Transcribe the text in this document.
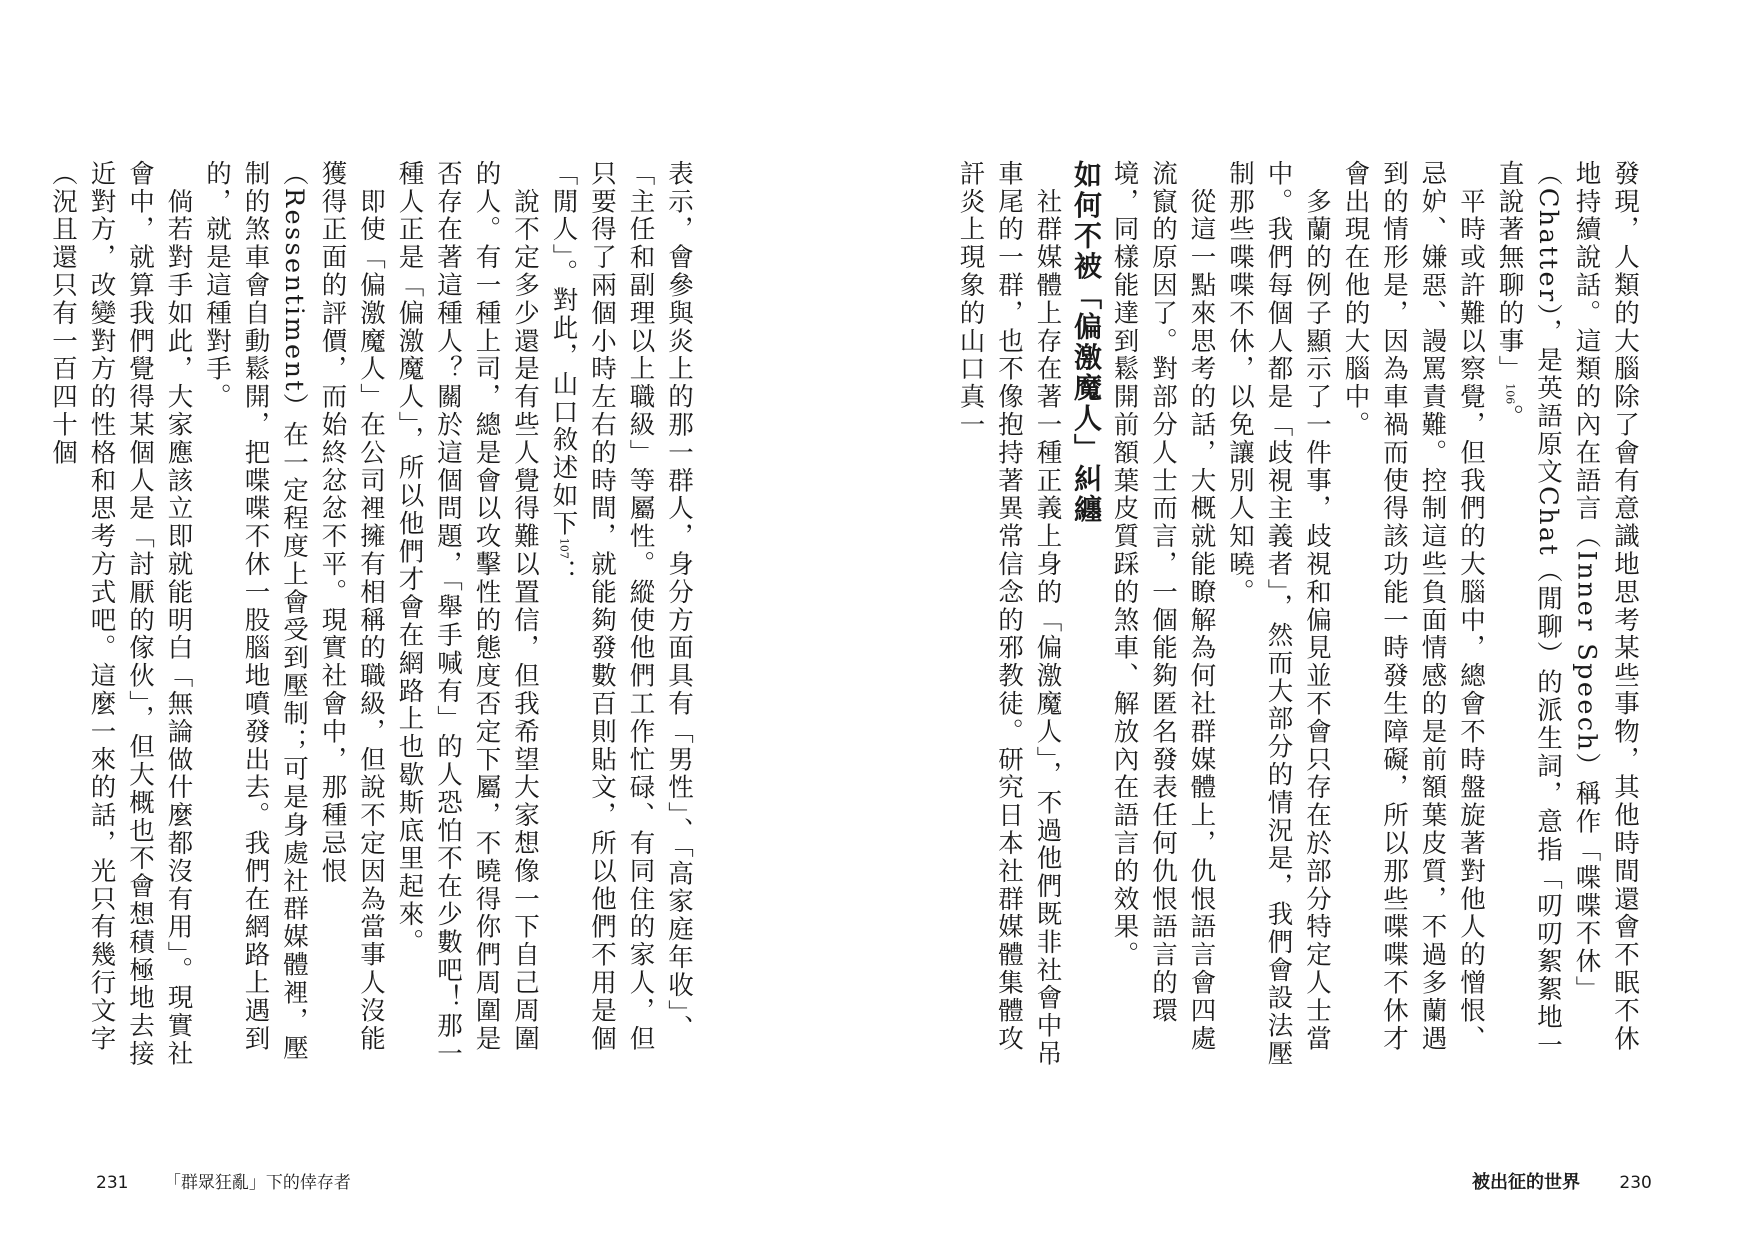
發現，人類的大腦除了會有意識地思考某些事物，其他時間還會不眠不休地持續說話。這類的內在語言（Inner Speech）稱作「喋喋不休」（Chatter），是英語原文Chat（閒聊）的派生詞，意指「叨叨絮絮地一直說著無聊的事」106。
　平時或許難以察覺，但我們的大腦中，總會不時盤旋著對他人的憎恨、忌妒、嫌惡、謾罵責難。控制這些負面情感的是前額葉皮質，不過多蘭遇到的情形是，因為車禍而使得該功能一時發生障礙，所以那些喋喋不休才會出現在他的大腦中。
　多蘭的例子顯示了一件事，歧視和偏見並不會只存在於部分特定人士當中。我們每個人都是「歧視主義者」，然而大部分的情況是，我們會設法壓制那些喋喋不休，以免讓別人知曉。
　從這一點來思考的話，大概就能瞭解為何社群媒體上，仇恨語言會四處流竄的原因了。對部分人士而言，一個能夠匿名發表任何仇恨語言的環境，同樣能達到鬆開前額葉皮質踩的煞車、解放內在語言的效果。
如何不被「偏激魔人」糾纏
　社群媒體上存在著一種正義上身的「偏激魔人」，不過他們既非社會中吊車尾的一群，也不像抱持著異常信念的邪教徒。研究日本社群媒體集體攻訐炎上現象的山口真一
表示，會參與炎上的那一群人，身分方面具有「男性」、「高家庭年收」、「主任和副理以上職級」等屬性。縱使他們工作忙碌、有同住的家人，但只要得了兩個小時左右的時間，就能夠發數百則貼文，所以他們不用是個「閒人」。對此，山口敘述如下107：
　說不定多少還是有些人覺得難以置信，但我希望大家想像一下自己周圍的人。有一種上司，總是會以攻擊性的態度否定下屬，不曉得你們周圍是否存在著這種人？關於這個問題，「舉手喊有」的人恐怕不在少數吧！那一種人正是「偏激魔人」，所以他們才會在網路上也歇斯底里起來。
　即使「偏激魔人」在公司裡擁有相稱的職級，但說不定因為當事人沒能獲得正面的評價，而始終忿忿不平。現實社會中，那種忌恨（Ressentiment）在一定程度上會受到壓制；可是身處社群媒體裡，壓制的煞車會自動鬆開，把喋喋不休一股腦地噴發出去。我們在網路上遇到的，就是這種對手。
　倘若對手如此，大家應該立即就能明白「無論做什麼都沒有用」。現實社會中，就算我們覺得某個人是「討厭的傢伙」，但大概也不會想積極地去接近對方，改變對方的性格和思考方式吧。這麼一來的話，光只有幾行文字（況且還只有一百四十個
被出征的世界 230
231 「群眾狂亂」下的倖存者
